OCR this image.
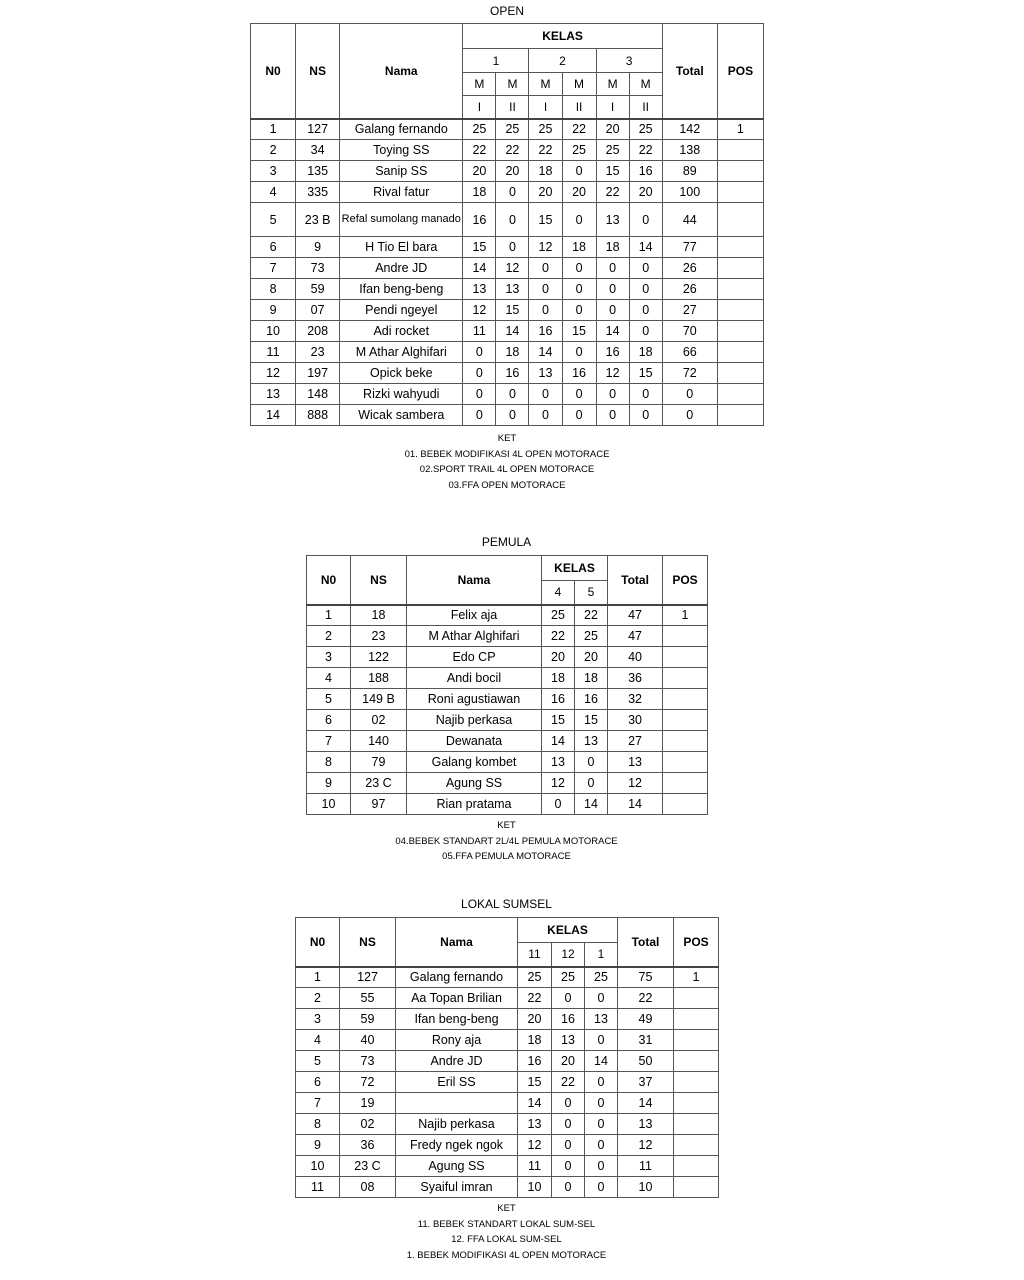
OPEN
N0	NS	Nama	KELAS						Total	POS
			1		2		3			
			M	M	M	M	M	M		
			I	II	I	II	I	II		
1	127	Galang fernando	25	25	25	22	20	25	142	1
2	34	Toying SS	22	22	22	25	25	22	138	
3	135	Sanip SS	20	20	18	0	15	16	89	
4	335	Rival fatur	18	0	20	20	22	20	100	
5	23 B	Refal sumolang manado	16	0	15	0	13	0	44	
6	9	H Tio El bara	15	0	12	18	18	14	77	
7	73	Andre JD	14	12	0	0	0	0	26	
8	59	Ifan beng-beng	13	13	0	0	0	0	26	
9	07	Pendi ngeyel	12	15	0	0	0	0	27	
10	208	Adi rocket	11	14	16	15	14	0	70	
11	23	M Athar Alghifari	0	18	14	0	16	18	66	
12	197	Opick beke	0	16	13	16	12	15	72	
13	148	Rizki wahyudi	0	0	0	0	0	0	0	
14	888	Wicak sambera	0	0	0	0	0	0	0	
KET
01. BEBEK MODIFIKASI 4L OPEN MOTORACE
02.SPORT TRAIL 4L OPEN MOTORACE
03.FFA OPEN MOTORACE
PEMULA
N0	NS	Nama	KELAS		Total	POS
			4	5		
1	18	Felix aja	25	22	47	1
2	23	M Athar Alghifari	22	25	47	
3	122	Edo CP	20	20	40	
4	188	Andi bocil	18	18	36	
5	149 B	Roni agustiawan	16	16	32	
6	02	Najib perkasa	15	15	30	
7	140	Dewanata	14	13	27	
8	79	Galang kombet	13	0	13	
9	23 C	Agung SS	12	0	12	
10	97	Rian pratama	0	14	14	
KET
04.BEBEK STANDART 2L/4L PEMULA MOTORACE
05.FFA PEMULA MOTORACE
LOKAL SUMSEL
N0	NS	Nama	KELAS			Total	POS
			11	12	1		
1	127	Galang fernando	25	25	25	75	1
2	55	Aa Topan Brilian	22	0	0	22	
3	59	Ifan beng-beng	20	16	13	49	
4	40	Rony aja	18	13	0	31	
5	73	Andre JD	16	20	14	50	
6	72	Eril SS	15	22	0	37	
7	19		14	0	0	14	
8	02	Najib perkasa	13	0	0	13	
9	36	Fredy ngek ngok	12	0	0	12	
10	23 C	Agung SS	11	0	0	11	
11	08	Syaiful imran	10	0	0	10	
KET
11. BEBEK STANDART LOKAL SUM-SEL
12. FFA LOKAL SUM-SEL
1. BEBEK MODIFIKASI 4L OPEN MOTORACE
